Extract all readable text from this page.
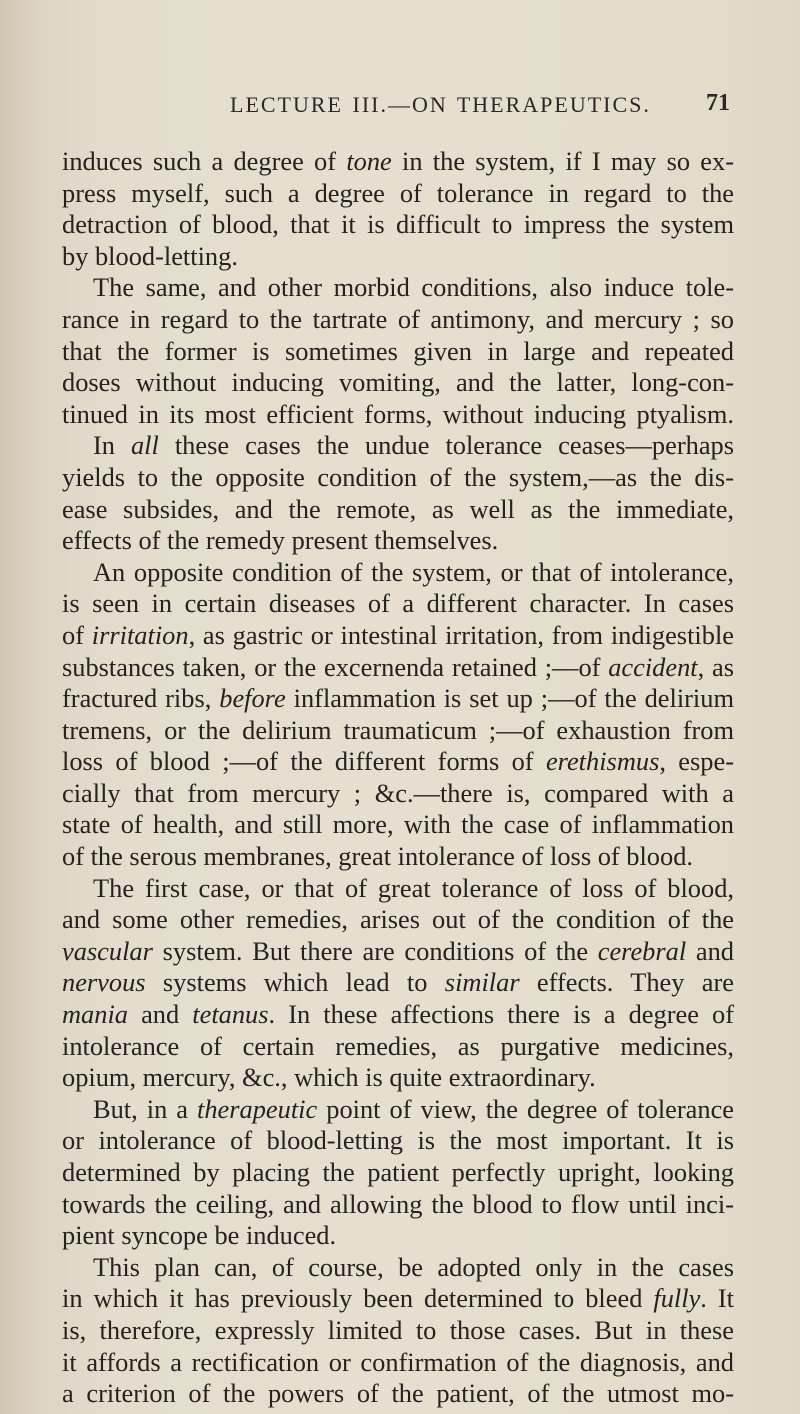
LECTURE III.—ON THERAPEUTICS. 71
induces such a degree of tone in the system, if I may so ex-
press myself, such a degree of tolerance in regard to the
detraction of blood, that it is difficult to impress the system
by blood-letting.
The same, and other morbid conditions, also induce tole-
rance in regard to the tartrate of antimony, and mercury ; so
that the former is sometimes given in large and repeated
doses without inducing vomiting, and the latter, long-con-
tinued in its most efficient forms, without inducing ptyalism.
In all these cases the undue tolerance ceases—perhaps
yields to the opposite condition of the system,—as the dis-
ease subsides, and the remote, as well as the immediate,
effects of the remedy present themselves.
An opposite condition of the system, or that of intolerance,
is seen in certain diseases of a different character. In cases
of irritation, as gastric or intestinal irritation, from indigestible
substances taken, or the excernenda retained ;—of accident, as
fractured ribs, before inflammation is set up ;—of the delirium
tremens, or the delirium traumaticum ;—of exhaustion from
loss of blood ;—of the different forms of erethismus, espe-
cially that from mercury ; &c.—there is, compared with a
state of health, and still more, with the case of inflammation
of the serous membranes, great intolerance of loss of blood.
The first case, or that of great tolerance of loss of blood,
and some other remedies, arises out of the condition of the
vascular system. But there are conditions of the cerebral and
nervous systems which lead to similar effects. They are
mania and tetanus. In these affections there is a degree of
intolerance of certain remedies, as purgative medicines,
opium, mercury, &c., which is quite extraordinary.
But, in a therapeutic point of view, the degree of tolerance
or intolerance of blood-letting is the most important. It is
determined by placing the patient perfectly upright, looking
towards the ceiling, and allowing the blood to flow until inci-
pient syncope be induced.
This plan can, of course, be adopted only in the cases
in which it has previously been determined to bleed fully. It
is, therefore, expressly limited to those cases. But in these
it affords a rectification or confirmation of the diagnosis, and
a criterion of the powers of the patient, of the utmost mo-
